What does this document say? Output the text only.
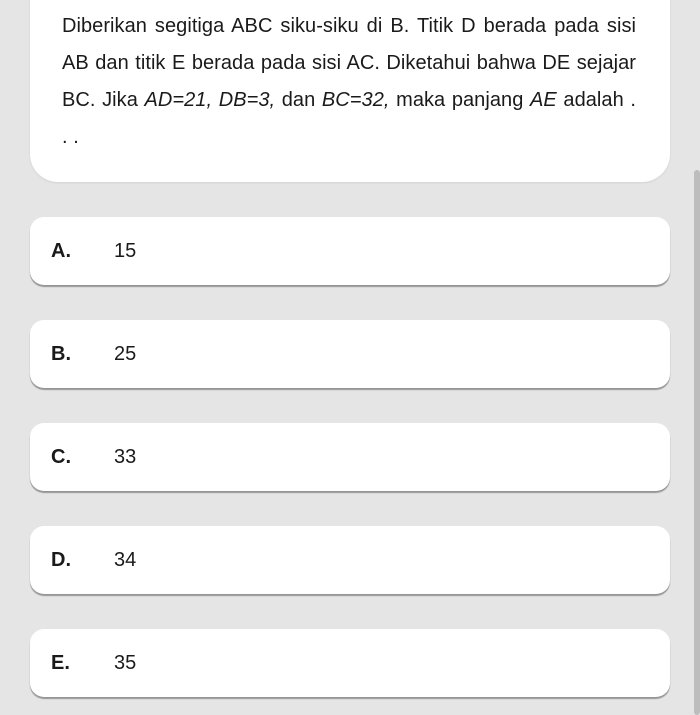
Diberikan segitiga ABC siku-siku di B. Titik D berada pada sisi AB dan titik E berada pada sisi AC. Diketahui bahwa DE sejajar BC. Jika AD=21, DB=3, dan BC=32, maka panjang AE adalah . . .

A. 15
B. 25
C. 33
D. 34
E. 35
